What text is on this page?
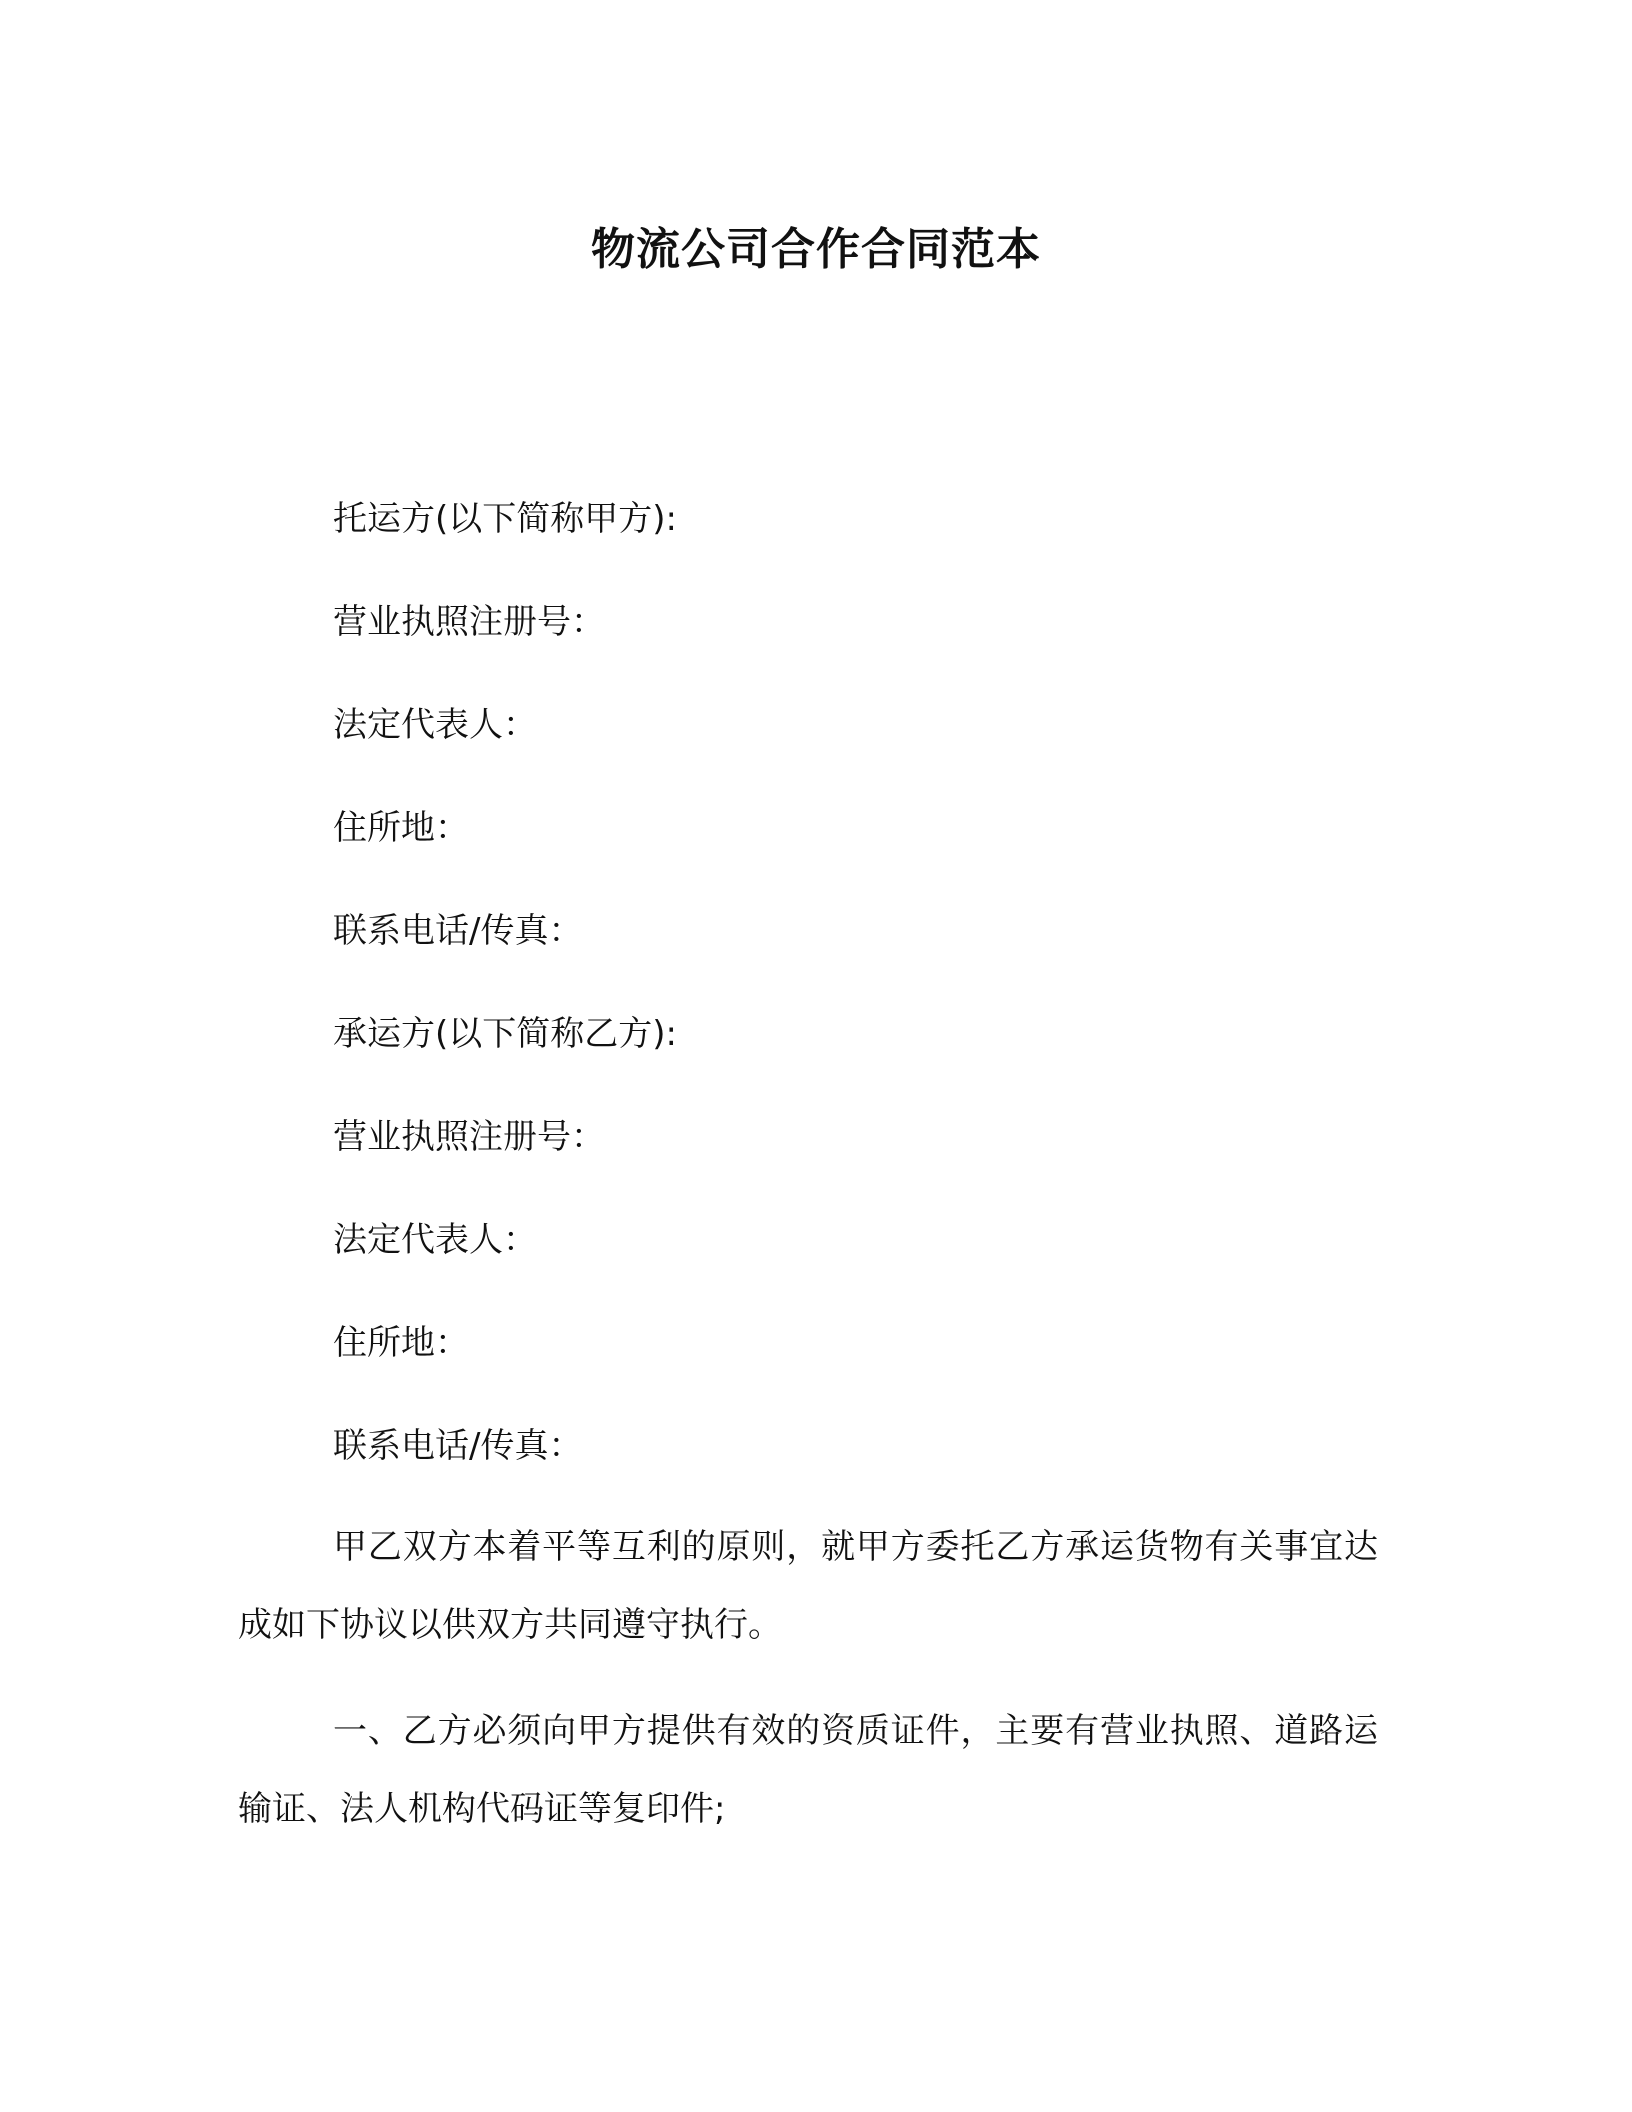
物流公司合作合同范本
托运方(以下简称甲方):
营业执照注册号：
法定代表人：
住所地：
联系电话/传真：
承运方(以下简称乙方):
营业执照注册号：
法定代表人：
住所地：
联系电话/传真：
甲乙双方本着平等互利的原则，就甲方委托乙方承运货物有关事宜达成如下协议以供双方共同遵守执行。
一、乙方必须向甲方提供有效的资质证件，主要有营业执照、道路运输证、法人机构代码证等复印件;
